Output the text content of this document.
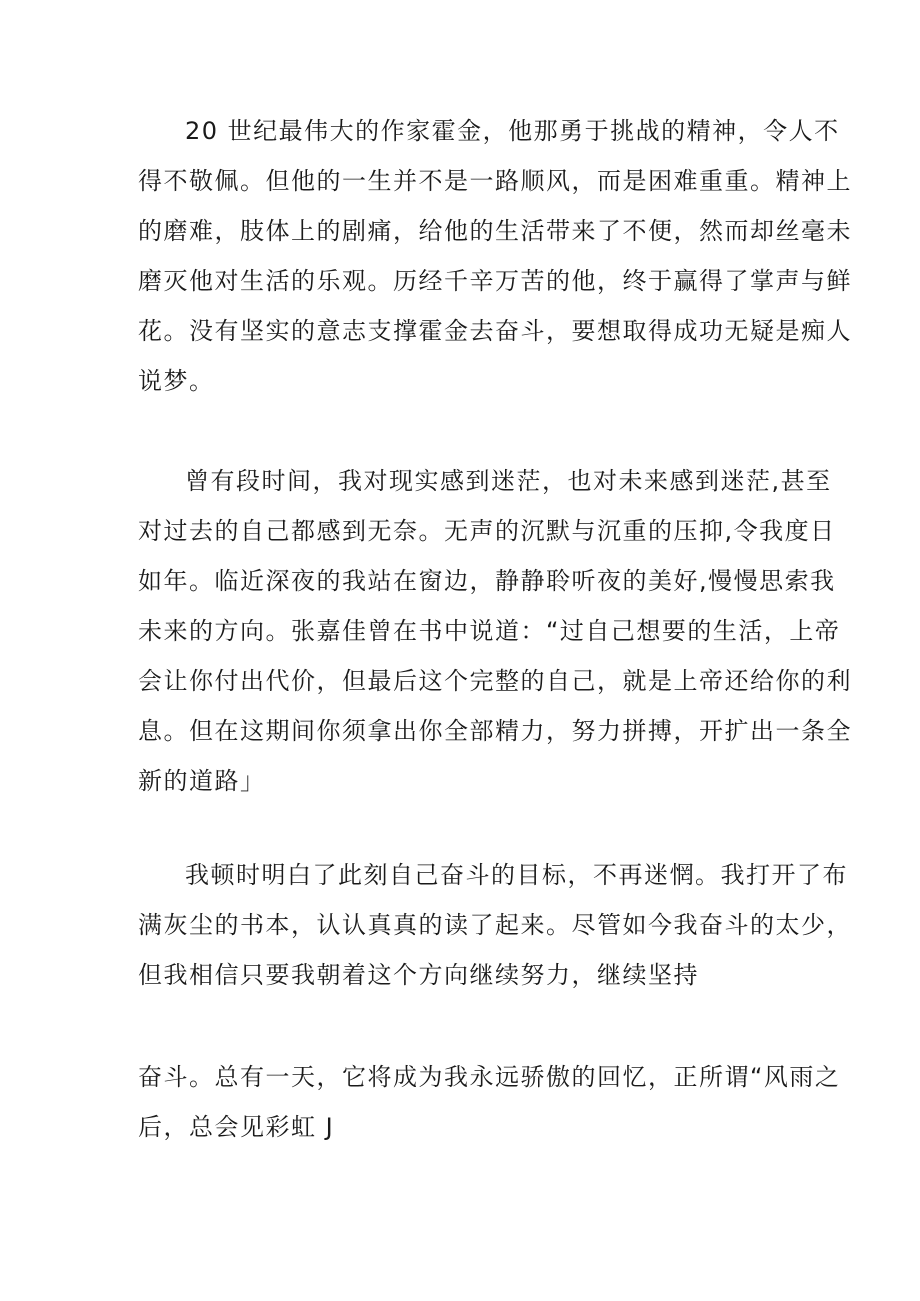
20 世纪最伟大的作家霍金，他那勇于挑战的精神，令人不
得不敬佩。但他的一生并不是一路顺风，而是困难重重。精神上
的磨难，肢体上的剧痛，给他的生活带来了不便，然而却丝毫未
磨灭他对生活的乐观。历经千辛万苦的他，终于赢得了掌声与鲜
花。没有坚实的意志支撑霍金去奋斗，要想取得成功无疑是痴人
说梦。
曾有段时间，我对现实感到迷茫，也对未来感到迷茫,甚至
对过去的自己都感到无奈。无声的沉默与沉重的压抑,令我度日
如年。临近深夜的我站在窗边，静静聆听夜的美好,慢慢思索我
未来的方向。张嘉佳曾在书中说道：“过自己想要的生活，上帝
会让你付出代价，但最后这个完整的自己，就是上帝还给你的利
息。但在这期间你须拿出你全部精力，努力拼搏，开扩出一条全
新的道路」
我顿时明白了此刻自己奋斗的目标，不再迷惘。我打开了布
满灰尘的书本，认认真真的读了起来。尽管如今我奋斗的太少，
但我相信只要我朝着这个方向继续努力，继续坚持
奋斗。总有一天，它将成为我永远骄傲的回忆，正所谓“风雨之
后，总会见彩虹 J
